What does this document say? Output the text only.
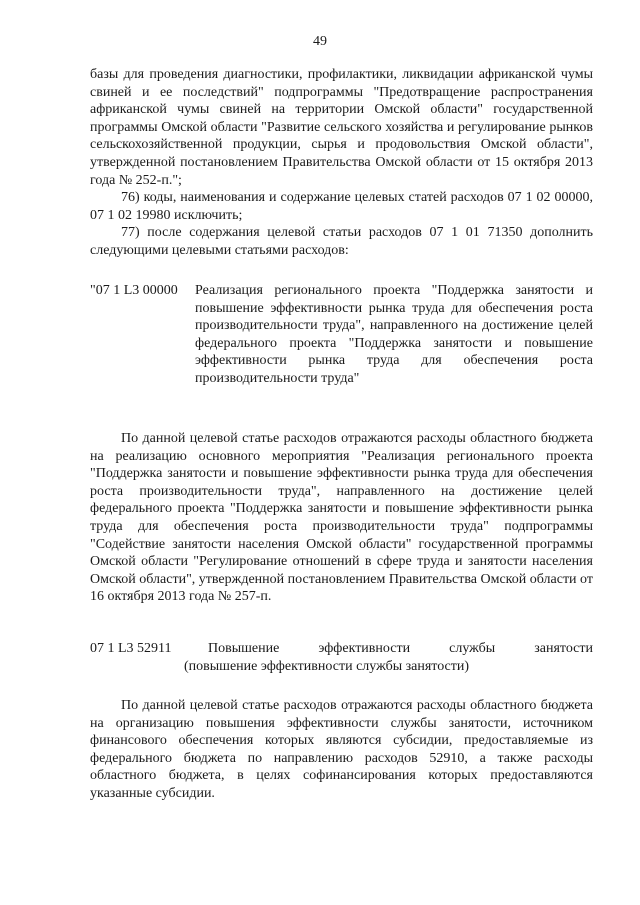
49

базы для проведения диагностики, профилактики, ликвидации африканской чумы свиней и ее последствий" подпрограммы "Предотвращение распространения африканской чумы свиней на территории Омской области" государственной программы Омской области "Развитие сельского хозяйства и регулирование рынков сельскохозяйственной продукции, сырья и продовольствия Омской области", утвержденной постановлением Правительства Омской области от 15 октября 2013 года № 252-п.";

76) коды, наименования и содержание целевых статей расходов 07 1 02 00000, 07 1 02 19980 исключить;

77) после содержания целевой статьи расходов 07 1 01 71350 дополнить следующими целевыми статьями расходов:

"07 1 L3 00000 Реализация регионального проекта "Поддержка занятости и повышение эффективности рынка труда для обеспечения роста производительности труда", направленного на достижение целей федерального проекта "Поддержка занятости и повышение эффективности рынка труда для обеспечения роста производительности труда"

По данной целевой статье расходов отражаются расходы областного бюджета на реализацию основного мероприятия "Реализация регионального проекта "Поддержка занятости и повышение эффективности рынка труда для обеспечения роста производительности труда", направленного на достижение целей федерального проекта "Поддержка занятости и повышение эффективности рынка труда для обеспечения роста производительности труда" подпрограммы "Содействие занятости населения Омской области" государственной программы Омской области "Регулирование отношений в сфере труда и занятости населения Омской области", утвержденной постановлением Правительства Омской области от 16 октября 2013 года № 257-п.

07 1 L3 52911	Повышение эффективности службы занятости
(повышение эффективности службы занятости)

По данной целевой статье расходов отражаются расходы областного бюджета на организацию повышения эффективности службы занятости, источником финансового обеспечения которых являются субсидии, предоставляемые из федерального бюджета по направлению расходов 52910, а также расходы областного бюджета, в целях софинансирования которых предоставляются указанные субсидии.
